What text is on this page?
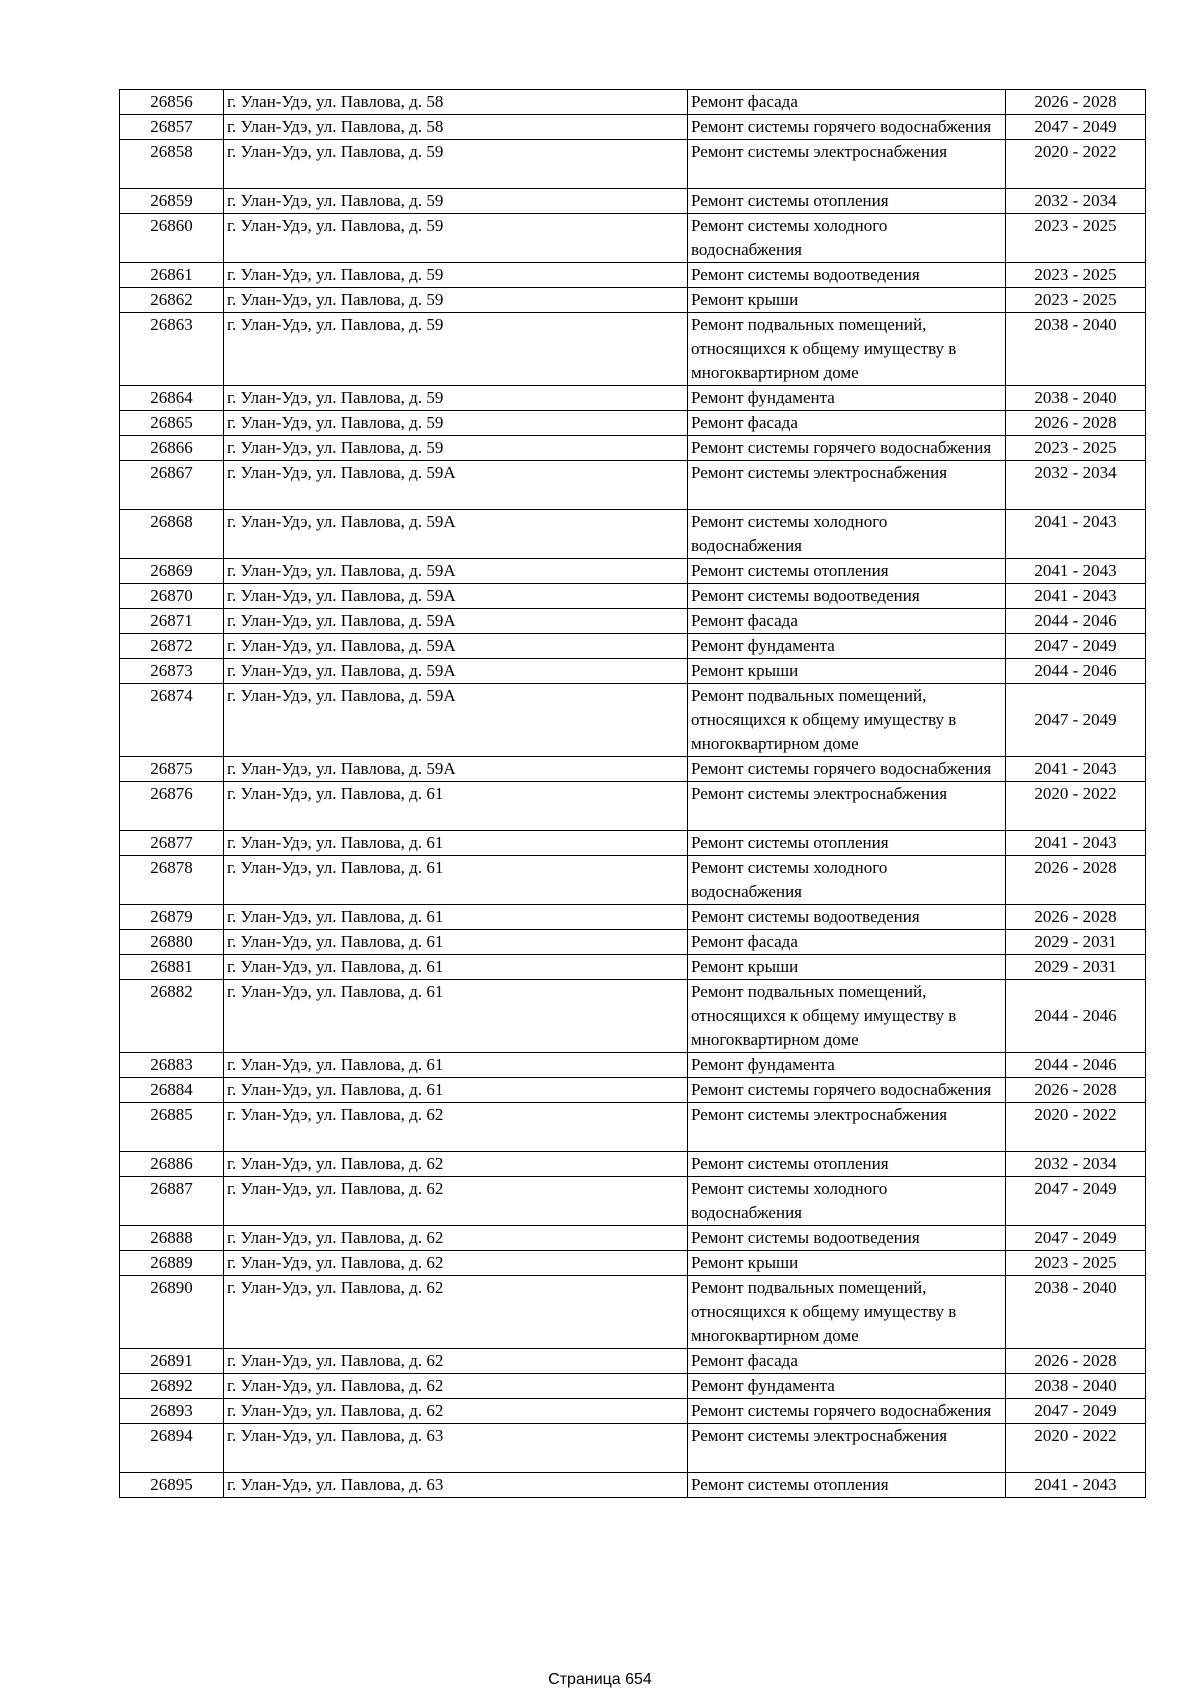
26856	г. Улан-Удэ, ул. Павлова, д. 58	Ремонт фасада	2026 - 2028
26857	г. Улан-Удэ, ул. Павлова, д. 58	Ремонт системы горячего водоснабжения	2047 - 2049
26858	г. Улан-Удэ, ул. Павлова, д. 59	Ремонт системы электроснабжения	2020 - 2022
26859	г. Улан-Удэ, ул. Павлова, д. 59	Ремонт системы отопления	2032 - 2034
26860	г. Улан-Удэ, ул. Павлова, д. 59	Ремонт системы холодного водоснабжения	2023 - 2025
26861	г. Улан-Удэ, ул. Павлова, д. 59	Ремонт системы водоотведения	2023 - 2025
26862	г. Улан-Удэ, ул. Павлова, д. 59	Ремонт крыши	2023 - 2025
26863	г. Улан-Удэ, ул. Павлова, д. 59	Ремонт подвальных помещений, относящихся к общему имуществу в многоквартирном доме	2038 - 2040
26864	г. Улан-Удэ, ул. Павлова, д. 59	Ремонт фундамента	2038 - 2040
26865	г. Улан-Удэ, ул. Павлова, д. 59	Ремонт фасада	2026 - 2028
26866	г. Улан-Удэ, ул. Павлова, д. 59	Ремонт системы горячего водоснабжения	2023 - 2025
26867	г. Улан-Удэ, ул. Павлова, д. 59А	Ремонт системы электроснабжения	2032 - 2034
26868	г. Улан-Удэ, ул. Павлова, д. 59А	Ремонт системы холодного водоснабжения	2041 - 2043
26869	г. Улан-Удэ, ул. Павлова, д. 59А	Ремонт системы отопления	2041 - 2043
26870	г. Улан-Удэ, ул. Павлова, д. 59А	Ремонт системы водоотведения	2041 - 2043
26871	г. Улан-Удэ, ул. Павлова, д. 59А	Ремонт фасада	2044 - 2046
26872	г. Улан-Удэ, ул. Павлова, д. 59А	Ремонт фундамента	2047 - 2049
26873	г. Улан-Удэ, ул. Павлова, д. 59А	Ремонт крыши	2044 - 2046
26874	г. Улан-Удэ, ул. Павлова, д. 59А	Ремонт подвальных помещений, относящихся к общему имуществу в многоквартирном доме	2047 - 2049
26875	г. Улан-Удэ, ул. Павлова, д. 59А	Ремонт системы горячего водоснабжения	2041 - 2043
26876	г. Улан-Удэ, ул. Павлова, д. 61	Ремонт системы электроснабжения	2020 - 2022
26877	г. Улан-Удэ, ул. Павлова, д. 61	Ремонт системы отопления	2041 - 2043
26878	г. Улан-Удэ, ул. Павлова, д. 61	Ремонт системы холодного водоснабжения	2026 - 2028
26879	г. Улан-Удэ, ул. Павлова, д. 61	Ремонт системы водоотведения	2026 - 2028
26880	г. Улан-Удэ, ул. Павлова, д. 61	Ремонт фасада	2029 - 2031
26881	г. Улан-Удэ, ул. Павлова, д. 61	Ремонт крыши	2029 - 2031
26882	г. Улан-Удэ, ул. Павлова, д. 61	Ремонт подвальных помещений, относящихся к общему имуществу в многоквартирном доме	2044 - 2046
26883	г. Улан-Удэ, ул. Павлова, д. 61	Ремонт фундамента	2044 - 2046
26884	г. Улан-Удэ, ул. Павлова, д. 61	Ремонт системы горячего водоснабжения	2026 - 2028
26885	г. Улан-Удэ, ул. Павлова, д. 62	Ремонт системы электроснабжения	2020 - 2022
26886	г. Улан-Удэ, ул. Павлова, д. 62	Ремонт системы отопления	2032 - 2034
26887	г. Улан-Удэ, ул. Павлова, д. 62	Ремонт системы холодного водоснабжения	2047 - 2049
26888	г. Улан-Удэ, ул. Павлова, д. 62	Ремонт системы водоотведения	2047 - 2049
26889	г. Улан-Удэ, ул. Павлова, д. 62	Ремонт крыши	2023 - 2025
26890	г. Улан-Удэ, ул. Павлова, д. 62	Ремонт подвальных помещений, относящихся к общему имуществу в многоквартирном доме	2038 - 2040
26891	г. Улан-Удэ, ул. Павлова, д. 62	Ремонт фасада	2026 - 2028
26892	г. Улан-Удэ, ул. Павлова, д. 62	Ремонт фундамента	2038 - 2040
26893	г. Улан-Удэ, ул. Павлова, д. 62	Ремонт системы горячего водоснабжения	2047 - 2049
26894	г. Улан-Удэ, ул. Павлова, д. 63	Ремонт системы электроснабжения	2020 - 2022
26895	г. Улан-Удэ, ул. Павлова, д. 63	Ремонт системы отопления	2041 - 2043
Страница 654
